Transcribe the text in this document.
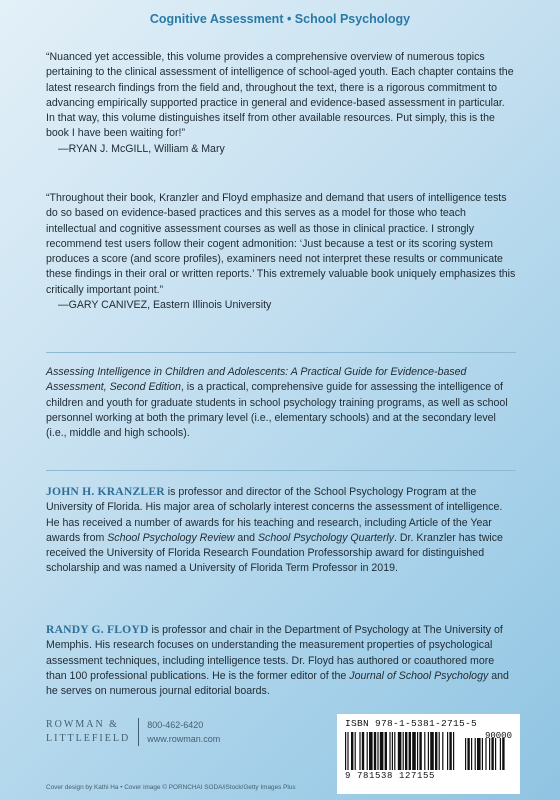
Cognitive Assessment • School Psychology

“Nuanced yet accessible, this volume provides a comprehensive overview of numerous topics pertaining to the clinical assessment of intelligence of school-aged youth. Each chapter contains the latest research findings from the field and, throughout the text, there is a rigorous commitment to advancing empirically supported practice in general and evidence-based assessment in particular. In that way, this volume distinguishes itself from other available resources. Put simply, this is the book I have been waiting for!”

—RYAN J. McGILL, William & Mary

“Throughout their book, Kranzler and Floyd emphasize and demand that users of intelligence tests do so based on evidence-based practices and this serves as a model for those who teach intellectual and cognitive assessment courses as well as those in clinical practice. I strongly recommend test users follow their cogent admonition: ‘Just because a test or its scoring system produces a score (and score profiles), examiners need not interpret these results or communicate these findings in their oral or written reports.’ This extremely valuable book uniquely emphasizes this critically important point.”

—GARY CANIVEZ, Eastern Illinois University

Assessing Intelligence in Children and Adolescents: A Practical Guide for Evidence-based Assessment, Second Edition, is a practical, comprehensive guide for assessing the intelligence of children and youth for graduate students in school psychology training programs, as well as school personnel working at both the primary level (i.e., elementary schools) and at the secondary level (i.e., middle and high schools).

JOHN H. KRANZLER is professor and director of the School Psychology Program at the University of Florida. His major area of scholarly interest concerns the assessment of intelligence. He has received a number of awards for his teaching and research, including Article of the Year awards from School Psychology Review and School Psychology Quarterly. Dr. Kranzler has twice received the University of Florida Research Foundation Professorship award for distinguished scholarship and was named a University of Florida Term Professor in 2019.

RANDY G. FLOYD is professor and chair in the Department of Psychology at The University of Memphis. His research focuses on understanding the measurement properties of psychological assessment techniques, including intelligence tests. Dr. Floyd has authored or coauthored more than 100 professional publications. He is the former editor of the Journal of School Psychology and he serves on numerous journal editorial boards.

ROWMAN &
LITTLEFIELD
800-462-6420
www.rowman.com
Cover design by Kathi Ha • Cover image © PORNCHAI SODA/iStock/Getty Images Plus
ISBN 978-1-5381-2715-5
90000
9 781538 127155
